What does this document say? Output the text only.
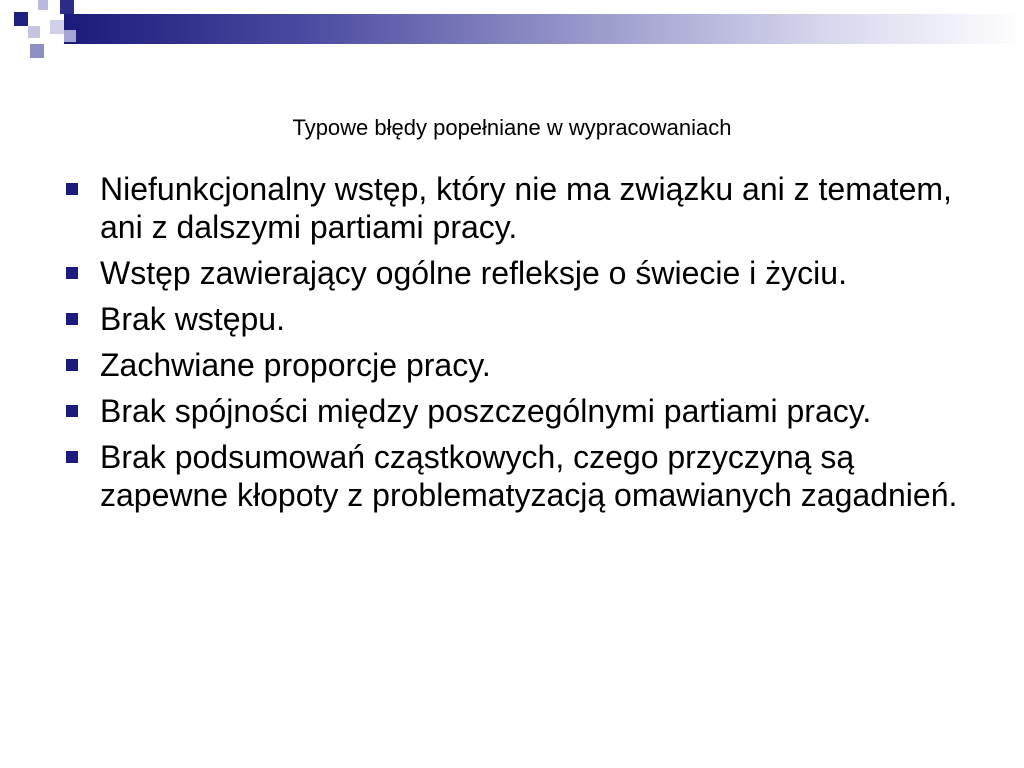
Typowe błędy popełniane w wypracowaniach
Niefunkcjonalny wstęp, który nie ma związku ani z tematem, ani z dalszymi partiami pracy.
Wstęp zawierający ogólne refleksje o świecie i życiu.
Brak wstępu.
Zachwiane proporcje pracy.
Brak spójności między poszczególnymi partiami pracy.
Brak podsumowań cząstkowych, czego przyczyną są zapewne kłopoty z problematyzacją omawianych zagadnień.
